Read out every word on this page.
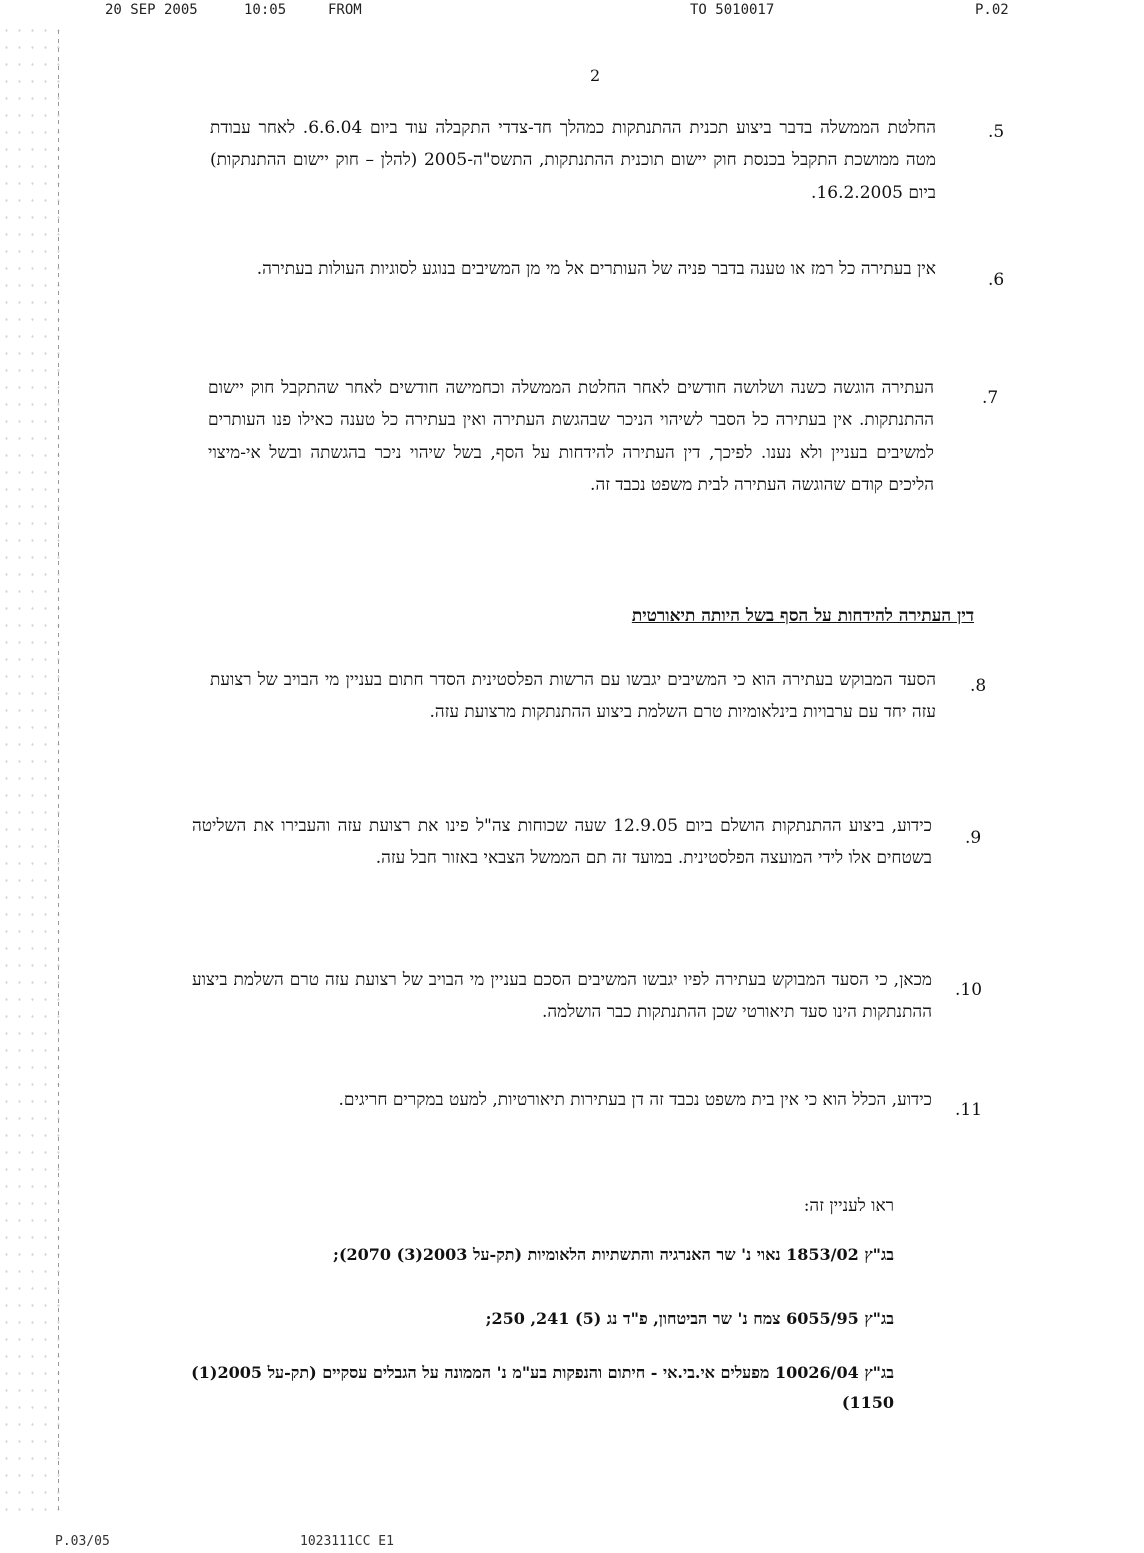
20 SEP 2005	10:05	FROM	TO 5010017	P.02
2
.5
החלטת הממשלה בדבר ביצוע תכנית ההתנתקות כמהלך חד-צדדי התקבלה עוד ביום 6.6.04. לאחר עבודת מטה ממושכת התקבל בכנסת חוק יישום תוכנית ההתנתקות, התשס"ה-2005 (להלן – חוק יישום ההתנתקות) ביום 16.2.2005.
.6
אין בעתירה כל רמז או טענה בדבר פניה של העותרים אל מי מן המשיבים בנוגע לסוגיות העולות בעתירה.
.7
העתירה הוגשה כשנה ושלושה חודשים לאחר החלטת הממשלה וכחמישה חודשים לאחר שהתקבל חוק יישום ההתנתקות. אין בעתירה כל הסבר לשיהוי הניכר שבהגשת העתירה ואין בעתירה כל טענה כאילו פנו העותרים למשיבים בעניין ולא נענו. לפיכך, דין העתירה להידחות על הסף, בשל שיהוי ניכר בהגשתה ובשל אי-מיצוי הליכים קודם שהוגשה העתירה לבית משפט נכבד זה.
דין העתירה להידחות על הסף בשל היותה תיאורטית
.8
הסעד המבוקש בעתירה הוא כי המשיבים יגבשו עם הרשות הפלסטינית הסדר חתום בעניין מי הבויב של רצועת עזה יחד עם ערבויות בינלאומיות טרם השלמת ביצוע ההתנתקות מרצועת עזה.
.9
כידוע, ביצוע ההתנתקות הושלם ביום 12.9.05 שעה שכוחות צה"ל פינו את רצועת עזה והעבירו את השליטה בשטחים אלו לידי המועצה הפלסטינית. במועד זה תם הממשל הצבאי באזור חבל עזה.
.10
מכאן, כי הסעד המבוקש בעתירה לפיו יגבשו המשיבים הסכם בעניין מי הבויב של רצועת עזה טרם השלמת ביצוע ההתנתקות הינו סעד תיאורטי שכן ההתנתקות כבר הושלמה.
.11
כידוע, הכלל הוא כי אין בית משפט נכבד זה דן בעתירות תיאורטיות, למעט במקרים חריגים.
ראו לעניין זה:
בג"ץ 1853/02 נאוי נ' שר האנרגיה והתשתיות הלאומיות (תק-על 2003(3) 2070);
בג"ץ 6055/95 צמח נ' שר הביטחון, פ"ד נג (5) 241, 250;
בג"ץ 10026/04 מפעלים אי.בי.אי - חיתום והנפקות בע"מ נ' הממונה על הגבלים עסקיים (תק-על 2005(1) 1150)
P.03/05	1023111CC E1
